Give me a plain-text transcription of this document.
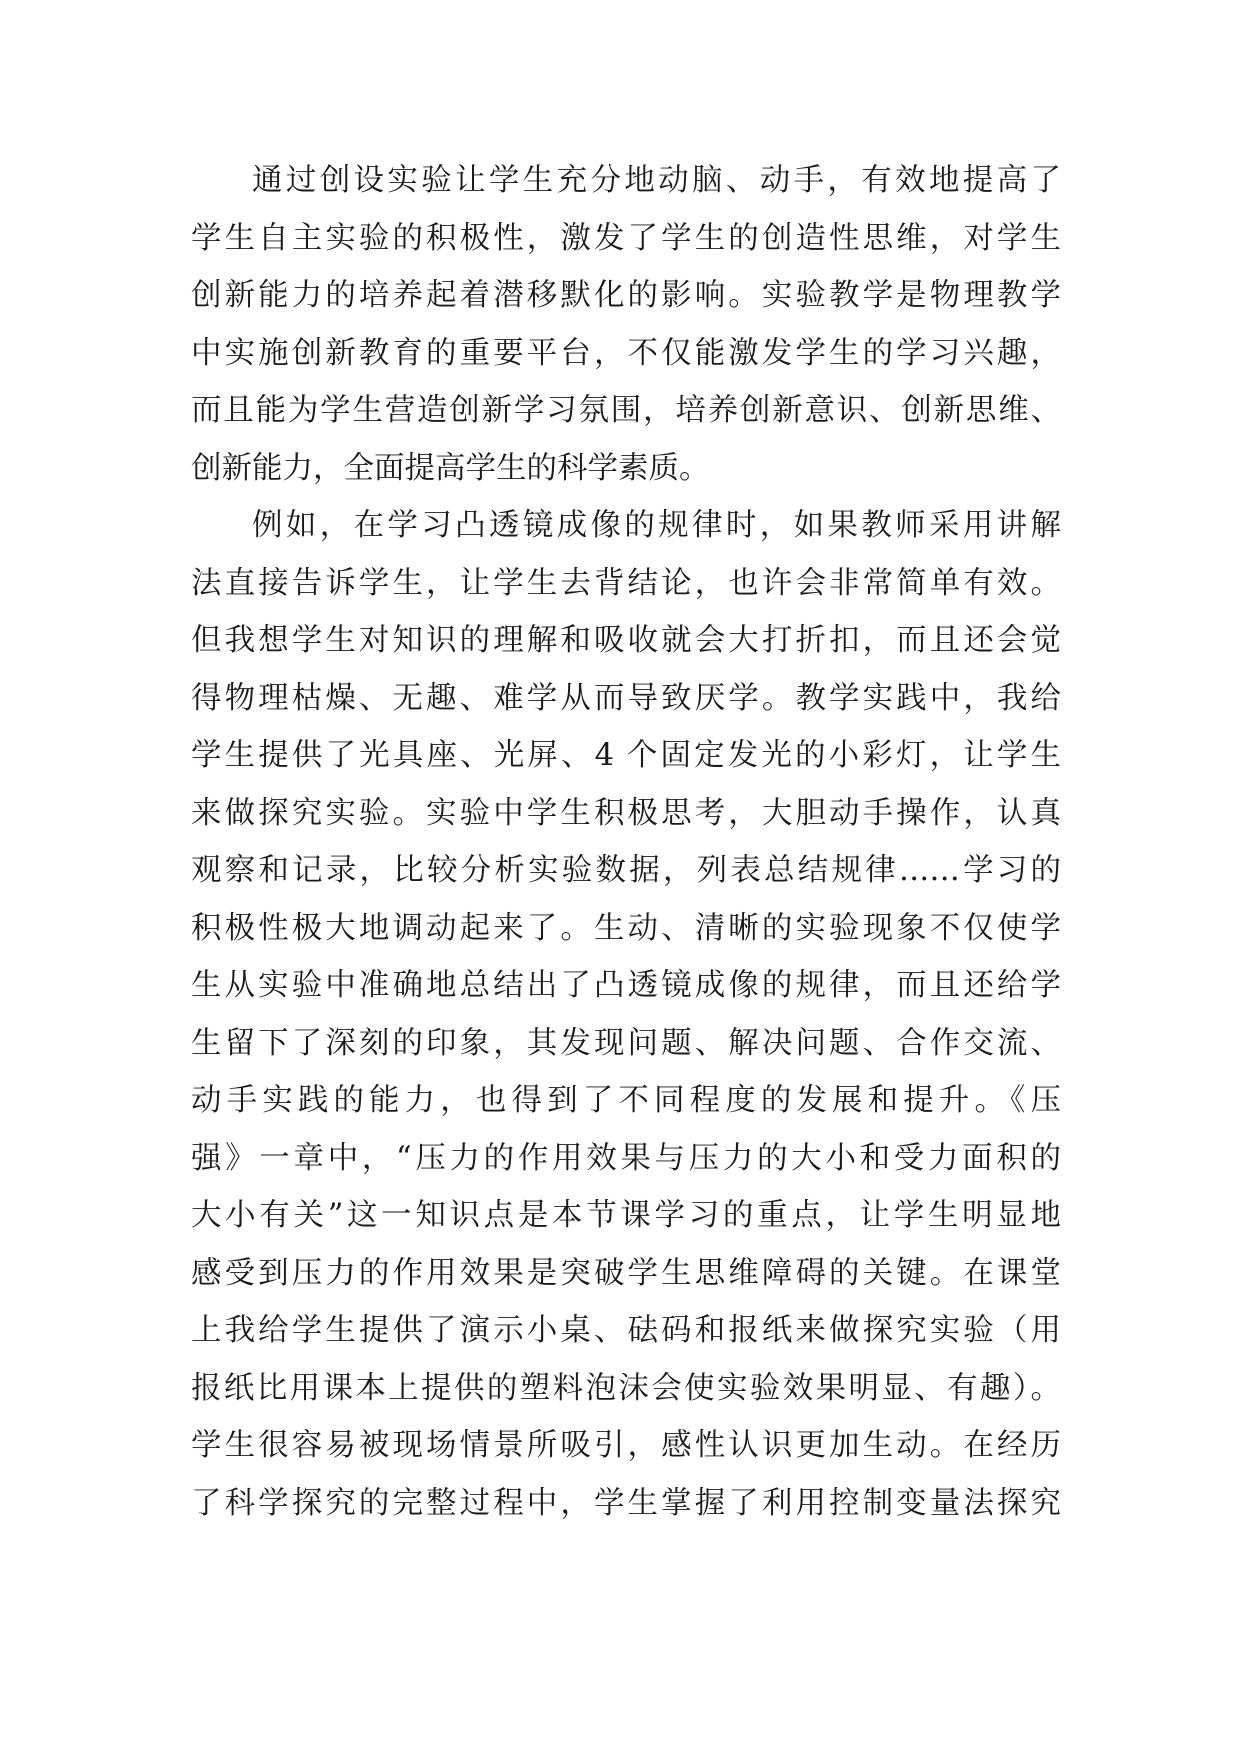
通过创设实验让学生充分地动脑、动手，有效地提高了
学生自主实验的积极性，激发了学生的创造性思维，对学生
创新能力的培养起着潜移默化的影响。实验教学是物理教学
中实施创新教育的重要平台，不仅能激发学生的学习兴趣，
而且能为学生营造创新学习氛围，培养创新意识、创新思维、
创新能力，全面提高学生的科学素质。
例如，在学习凸透镜成像的规律时，如果教师采用讲解
法直接告诉学生，让学生去背结论，也许会非常简单有效。
但我想学生对知识的理解和吸收就会大打折扣，而且还会觉
得物理枯燥、无趣、难学从而导致厌学。教学实践中，我给
学生提供了光具座、光屏、4 个固定发光的小彩灯，让学生
来做探究实验。实验中学生积极思考，大胆动手操作，认真
观察和记录，比较分析实验数据，列表总结规律……学习的
积极性极大地调动起来了。生动、清晰的实验现象不仅使学
生从实验中准确地总结出了凸透镜成像的规律，而且还给学
生留下了深刻的印象，其发现问题、解决问题、合作交流、
动手实践的能力，也得到了不同程度的发展和提升。《压
强》一章中，“压力的作用效果与压力的大小和受力面积的
大小有关”这一知识点是本节课学习的重点，让学生明显地
感受到压力的作用效果是突破学生思维障碍的关键。在课堂
上我给学生提供了演示小桌、砝码和报纸来做探究实验（用
报纸比用课本上提供的塑料泡沫会使实验效果明显、有趣）。
学生很容易被现场情景所吸引，感性认识更加生动。在经历
了科学探究的完整过程中，学生掌握了利用控制变量法探究
